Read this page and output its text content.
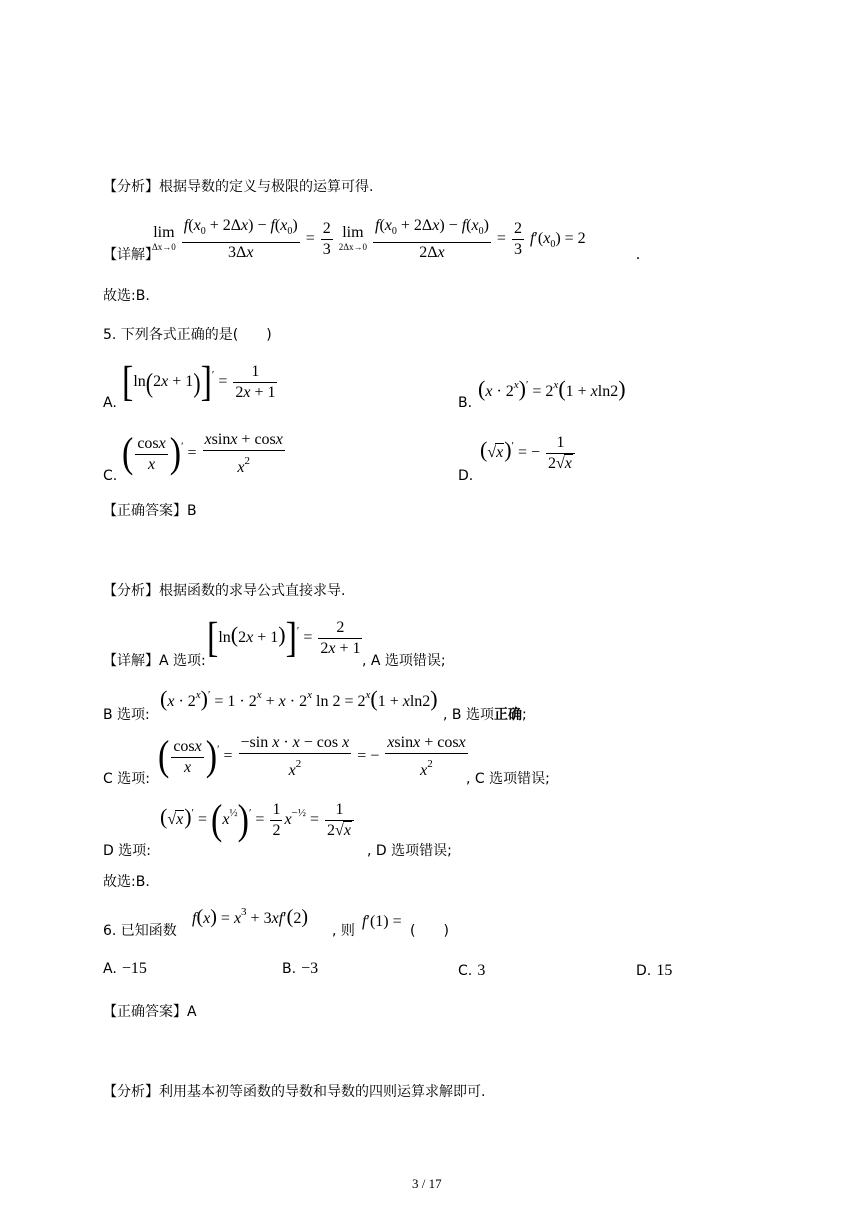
【分析】根据导数的定义与极限的运算可得.
【详解】
lim
Δx→0
$\frac{f(x_0 + 2\Delta x) - f(x_0)}{3\Delta x} = \frac{2}{3}$
lim
2Δx→0
$\frac{f(x_0 + 2\Delta x) - f(x_0)}{2\Delta x} = \frac{2}{3} f'(x_0) = 2$
.
故选:B.
5. 下列各式正确的是(　　)
A. $[\ln(2x + 1)]' = \frac{1}{2x + 1}$	B.
$(x \cdot 2^x)' = 2^x(1 + xln2)$
C. ( $\frac{\cos x}{x} )' = \frac{xsinx + \cos x}{x^2}$	D.
(√x)′ = − $\frac{1}{2√x}$
【正确答案】B
【分析】根据函数的求导公式直接求导.
【详解】A 选项: $[\ln(2x + 1)]' = \frac{2}{2x + 1}$
, A 选项错误;
B 选项:
$(x \cdot 2^x)' = 1 \cdot 2^x + x \cdot 2^x$ $\ln 2 = 2^x(1 + xln2)$
, B 选项正确;
C 选项: ( $\frac{\cos x}{x} )' = \frac{\text{−sin x · x − cos x}}{x^2}$ = − $\frac{xsinx + \cos x}{x^2}$
, C 选项错误;
D 选项:
$(√x)' = (x^{\frac{1}{2}})' = \frac{1}{2} x^{-\frac{1}{2}} = \frac{1}{2√x}$
, D 选项错误;
故选:B.
6. 已知函数
$f(x) = x^3 + 3xf'(2)$
, 则
f′(1) =
(　　)
A. −15	B. −3	C. 3	D. 15
【正确答案】A
【分析】利用基本初等函数的导数和导数的四则运算求解即可.
3 / 17
